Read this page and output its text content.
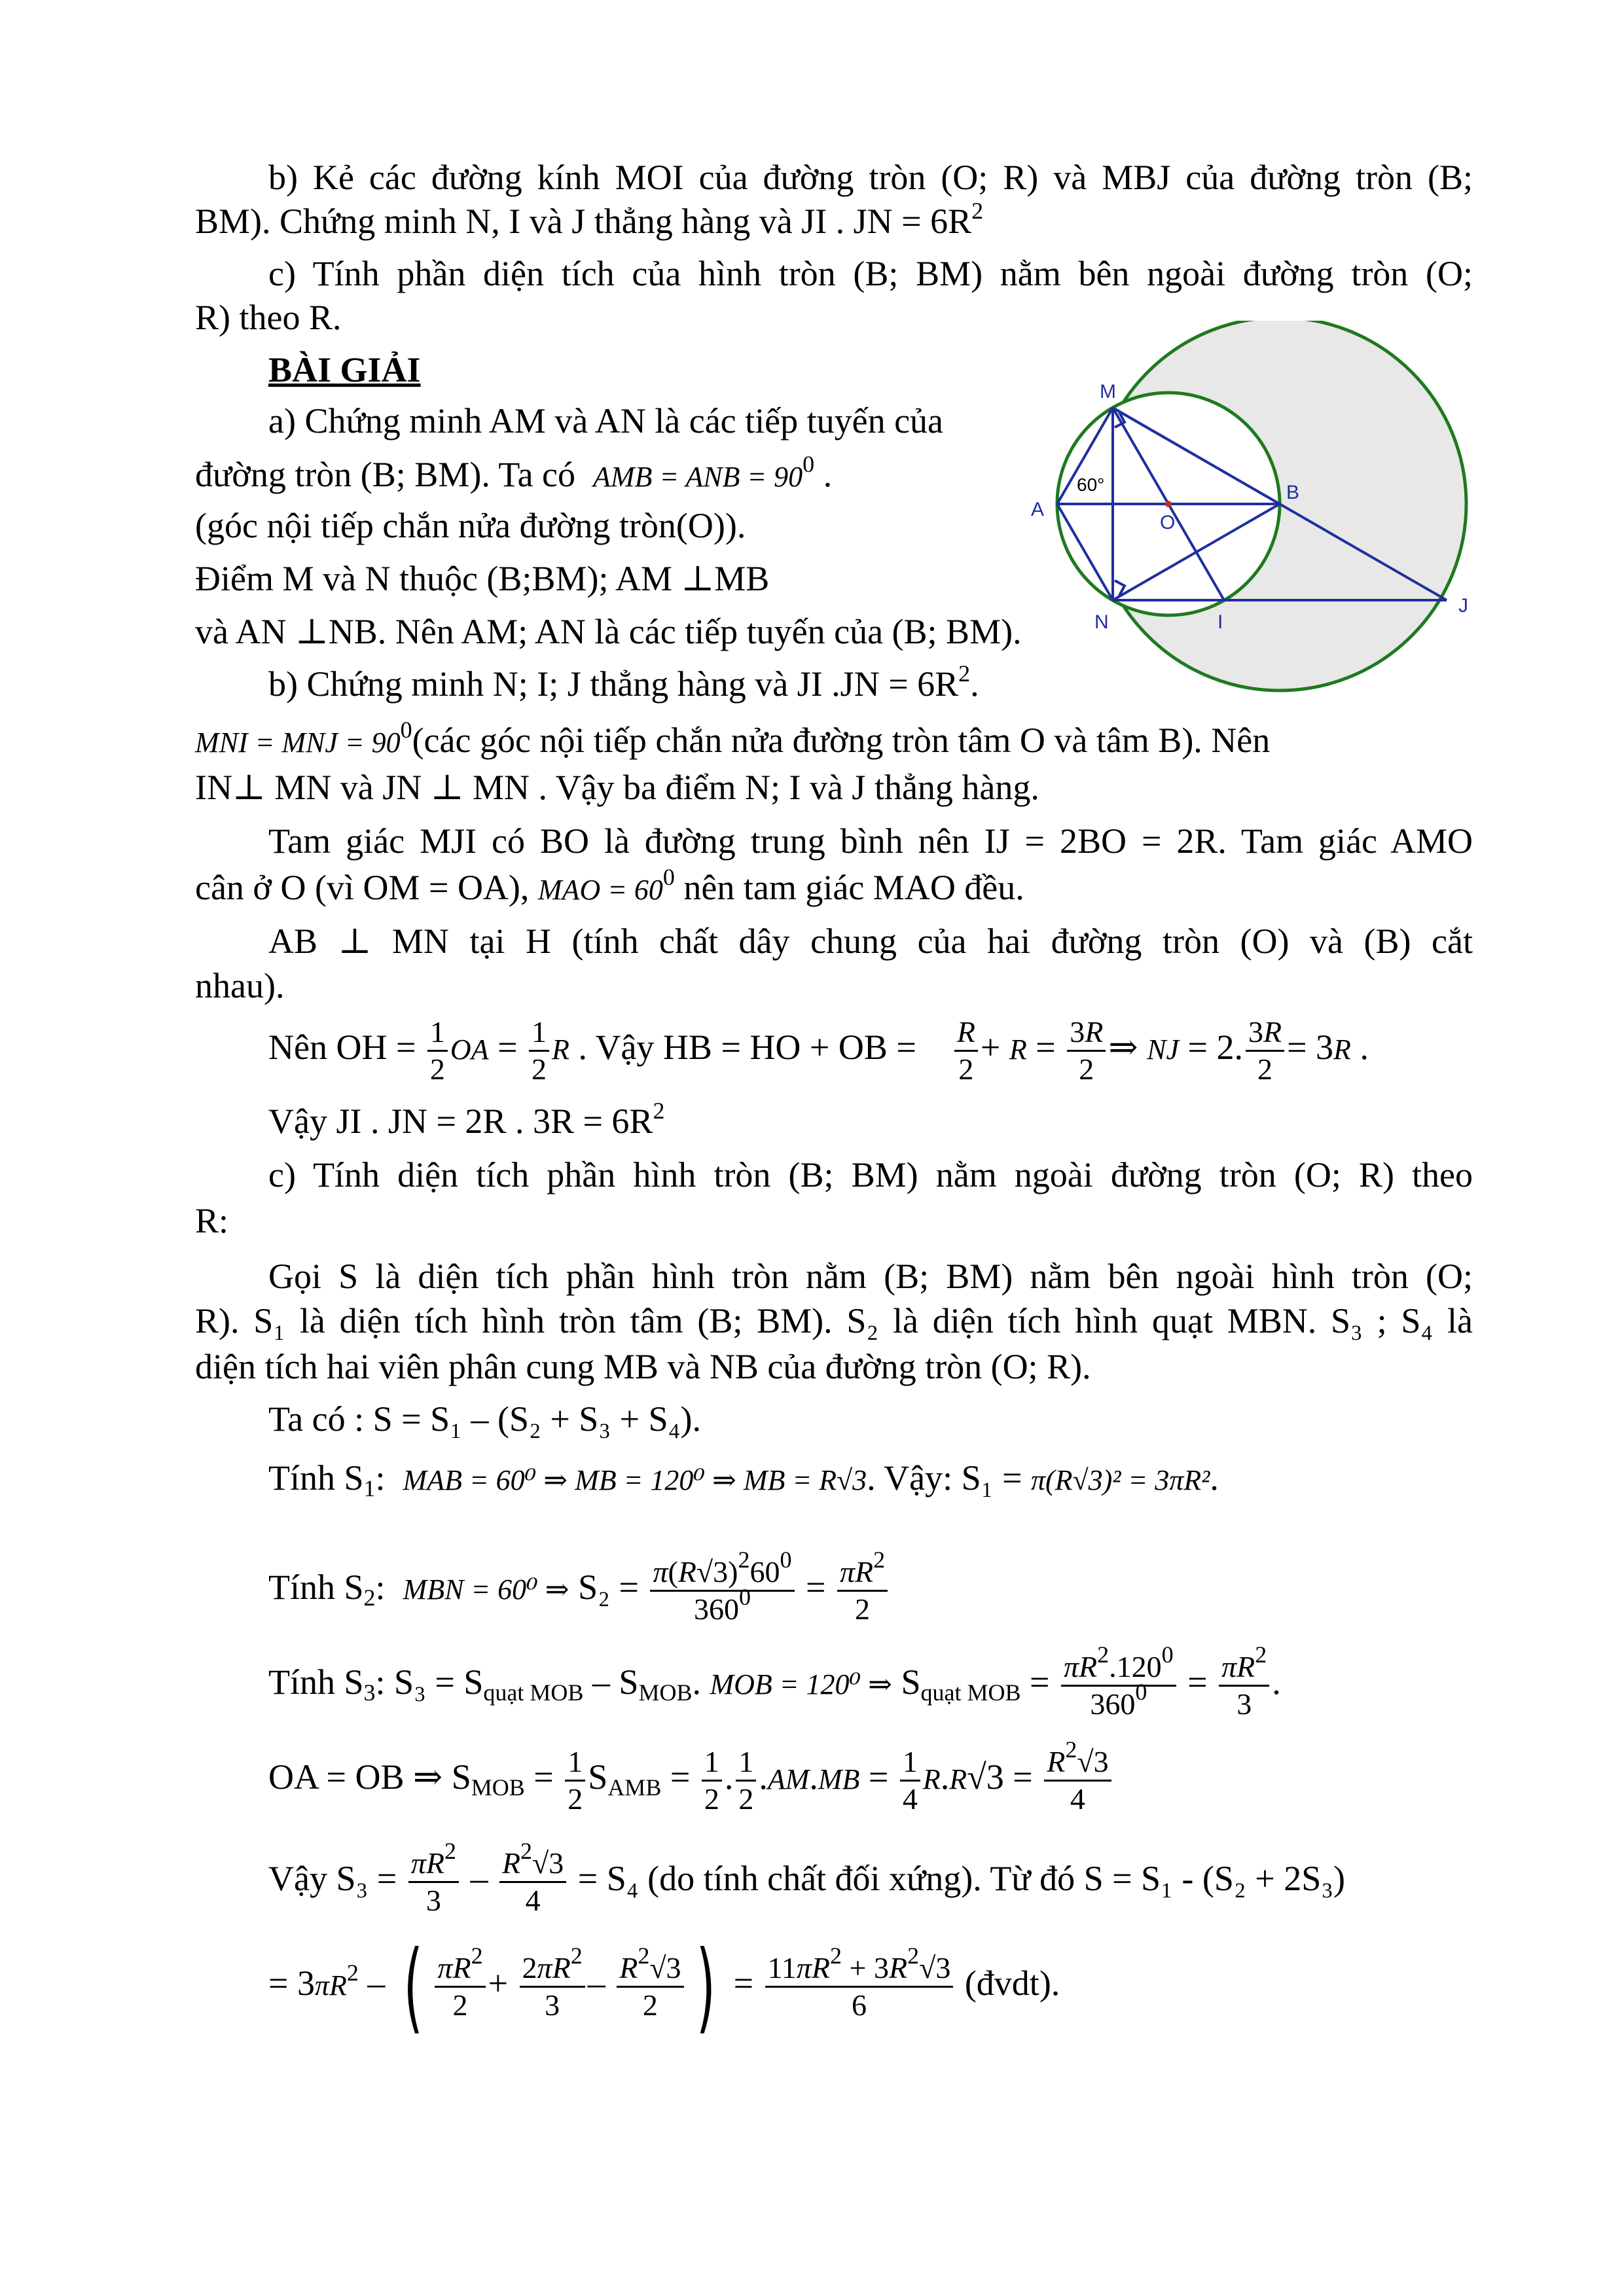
b) Kẻ các đường kính MOI của đường tròn (O; R) và MBJ của đường tròn (B;
BM). Chứng minh N, I và J thẳng hàng và JI . JN = $6R^2$
c) Tính phần diện tích của hình tròn (B; BM) nằm bên ngoài đường tròn (O;
R) theo R.
BÀI GIẢI
a) Chứng minh AM và AN là các tiếp tuyến của
đường tròn (B; BM). Ta có AMB = ANB = $90^0$ .
(góc nội tiếp chắn nửa đường tròn(O)).
Điểm M và N thuộc (B;BM); AM ⊥MB
và AN ⊥NB. Nên AM; AN là các tiếp tuyến của (B; BM).
b) Chứng minh N; I; J thẳng hàng và JI $.JN = 6R^2$.
MNI = MNJ = $90^0(các$ góc nội tiếp chắn nửa đường tròn tâm O và tâm B). Nên
IN⊥ MN và JN ⊥ MN . Vậy ba điểm N; I và J thẳng hàng.
Tam giác MJI có BO là đường trung bình nên IJ = 2BO = 2R. Tam giác AMO
cân ở O (vì OM = OA), MAO = $60^0$ nên tam giác MAO đều.
AB ⊥ MN tại H (tính chất dây chung của hai đường tròn (O) và (B) cắt
nhau).
Nên OH = $\frac{1}{2}$ OA = $\frac{1}{2}$ R . Vậy HB = HO + OB = $\frac{R}{2} + R = \frac{3R}{2}$ ⇒ NJ = 2. $\frac{3R}{2} = 3R$ .
Vậy JI . JN = 2R . $3R = 6R^2$
c) Tính diện tích phần hình tròn (B; BM) nằm ngoài đường tròn (O; R) theo
R:
Gọi S là diện tích phần hình tròn nằm (B; BM) nằm bên ngoài hình tròn (O;
R). S₁ là diện tích hình tròn tâm (B; BM). S₂ là diện tích hình quạt MBN. S₃ ; S₄ là
diện tích hai viên phân cung MB và NB của đường tròn (O; R).
Ta có : S = S₁ – (S₂ + S₃ + S₄).
Tính $S_1$:  MAB = 60⁰ ⇒ MB = 120⁰ ⇒ MB = R√3. Vậy: S₁ = π(R√3)² = 3πR².
Tính $S_2$:  MBN = 60⁰ ⇒ $S_2 = \frac{\pi(R√3)^260^0}{360^0} = \frac{\pi R^2}{2}$
Tính $S_3$: $S_3 = S_{quạt MOB} - S_{MOB}$. MOB = 120⁰ ⇒ $S_{quạt MOB} = \frac{\pi R^2.120^0}{360^0} = \frac{\pi R^2}{3}$ .
OA = OB ⇒ $S_{MOB} = \frac{1}{2} S_{AMB} = \frac{1}{2}$ . $\frac{1}{2} .AM.MB = \frac{1}{4} R.R√3 = \frac{R^2√3}{4}$
Vậy $S_3 = \frac{\pi R^2}{3} - \frac{R^2√3}{4} = S_4$ (do tính chất đối xứng). Từ đó S = S₁ - (S₂ + 2S₃)
= $3\pi R^2$ – ( $\frac{\pi R^2}{2} + \frac{2\pi R^2}{3} - \frac{R^2√3}{2}$ ) = $\frac{11\pi R^2 + 3R^2√3}{6}$ (đvdt).
M
A
O
B
N	I
J
60°
